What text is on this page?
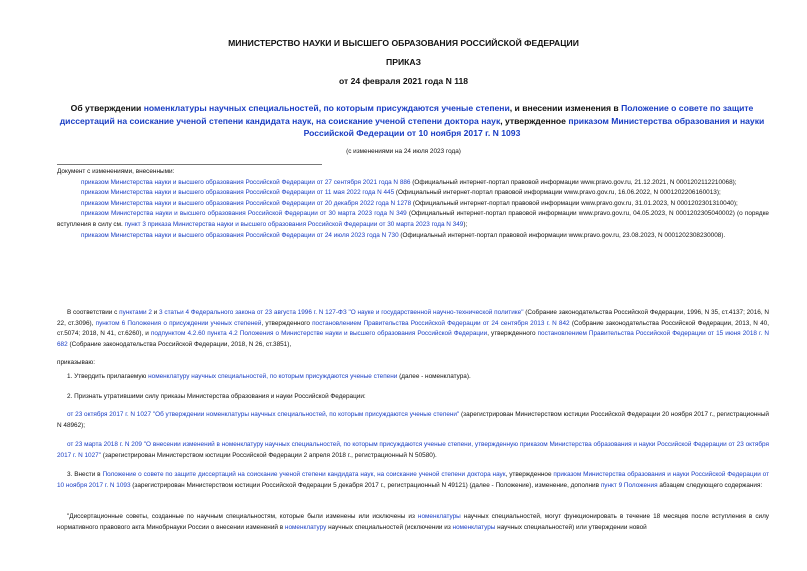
МИНИСТЕРСТВО НАУКИ И ВЫСШЕГО ОБРАЗОВАНИЯ РОССИЙСКОЙ ФЕДЕРАЦИИ
ПРИКАЗ
от 24 февраля 2021 года N 118
Об утверждении номенклатуры научных специальностей, по которым присуждаются ученые степени, и внесении изменения в Положение о совете по защите диссертаций на соискание ученой степени кандидата наук, на соискание ученой степени доктора наук, утвержденное приказом Министерства образования и науки Российской Федерации от 10 ноября 2017 г. N 1093
(с изменениями на 24 июля 2023 года)

Документ с изменениями, внесенными:

приказом Министерства науки и высшего образования Российской Федерации от 27 сентября 2021 года N 886 (Официальный интернет-портал правовой информации www.pravo.gov.ru, 21.12.2021, N 0001202112210068);

приказом Министерства науки и высшего образования Российской Федерации от 11 мая 2022 года N 445 (Официальный интернет-портал правовой информации www.pravo.gov.ru, 16.06.2022, N 0001202206160013);

приказом Министерства науки и высшего образования Российской Федерации от 20 декабря 2022 года N 1278 (Официальный интернет-портал правовой информации www.pravo.gov.ru, 31.01.2023, N 0001202301310040);

приказом Министерства науки и высшего образования Российской Федерации от 30 марта 2023 года N 349 (Официальный интернет-портал правовой информации www.pravo.gov.ru, 04.05.2023, N 0001202305040002) (о порядке вступления в силу см. пункт 3 приказа Министерства науки и высшего образования Российской Федерации от 30 марта 2023 года N 349);

приказом Министерства науки и высшего образования Российской Федерации от 24 июля 2023 года N 730 (Официальный интернет-портал правовой информации www.pravo.gov.ru, 23.08.2023, N 0001202308230008).

В соответствии с пунктами 2 и 3 статьи 4 Федерального закона от 23 августа 1996 г. N 127-ФЗ "О науке и государственной научно-технической политике" (Собрание законодательства Российской Федерации, 1996, N 35, ст.4137; 2016, N 22, ст.3096), пунктом 6 Положения о присуждении ученых степеней, утвержденного постановлением Правительства Российской Федерации от 24 сентября 2013 г. N 842 (Собрание законодательства Российской Федерации, 2013, N 40, ст.5074; 2018, N 41, ст.6260), и подпунктом 4.2.60 пункта 4.2 Положения о Министерстве науки и высшего образования Российской Федерации, утвержденного постановлением Правительства Российской Федерации от 15 июня 2018 г. N 682 (Собрание законодательства Российской Федерации, 2018, N 26, ст.3851),

приказываю:

1. Утвердить прилагаемую номенклатуру научных специальностей, по которым присуждаются ученые степени (далее - номенклатура).

2. Признать утратившими силу приказы Министерства образования и науки Российской Федерации:

от 23 октября 2017 г. N 1027 "Об утверждении номенклатуры научных специальностей, по которым присуждаются ученые степени" (зарегистрирован Министерством юстиции Российской Федерации 20 ноября 2017 г., регистрационный N 48962);

от 23 марта 2018 г. N 209 "О внесении изменений в номенклатуру научных специальностей, по которым присуждаются ученые степени, утвержденную приказом Министерства образования и науки Российской Федерации от 23 октября 2017 г. N 1027" (зарегистрирован Министерством юстиции Российской Федерации 2 апреля 2018 г., регистрационный N 50580).

3. Внести в Положение о совете по защите диссертаций на соискание ученой степени кандидата наук, на соискание ученой степени доктора наук, утвержденное приказом Министерства образования и науки Российской Федерации от 10 ноября 2017 г. N 1093 (зарегистрирован Министерством юстиции Российской Федерации 5 декабря 2017 г., регистрационный N 49121) (далее - Положение), изменение, дополнив пункт 9 Положения абзацем следующего содержания:

"Диссертационные советы, созданные по научным специальностям, которые были изменены или исключены из номенклатуры научных специальностей, могут функционировать в течение 18 месяцев после вступления в силу нормативного правового акта Минобрнауки России о внесении изменений в номенклатуру научных специальностей (исключении из номенклатуры научных специальностей) или утверждении новой
